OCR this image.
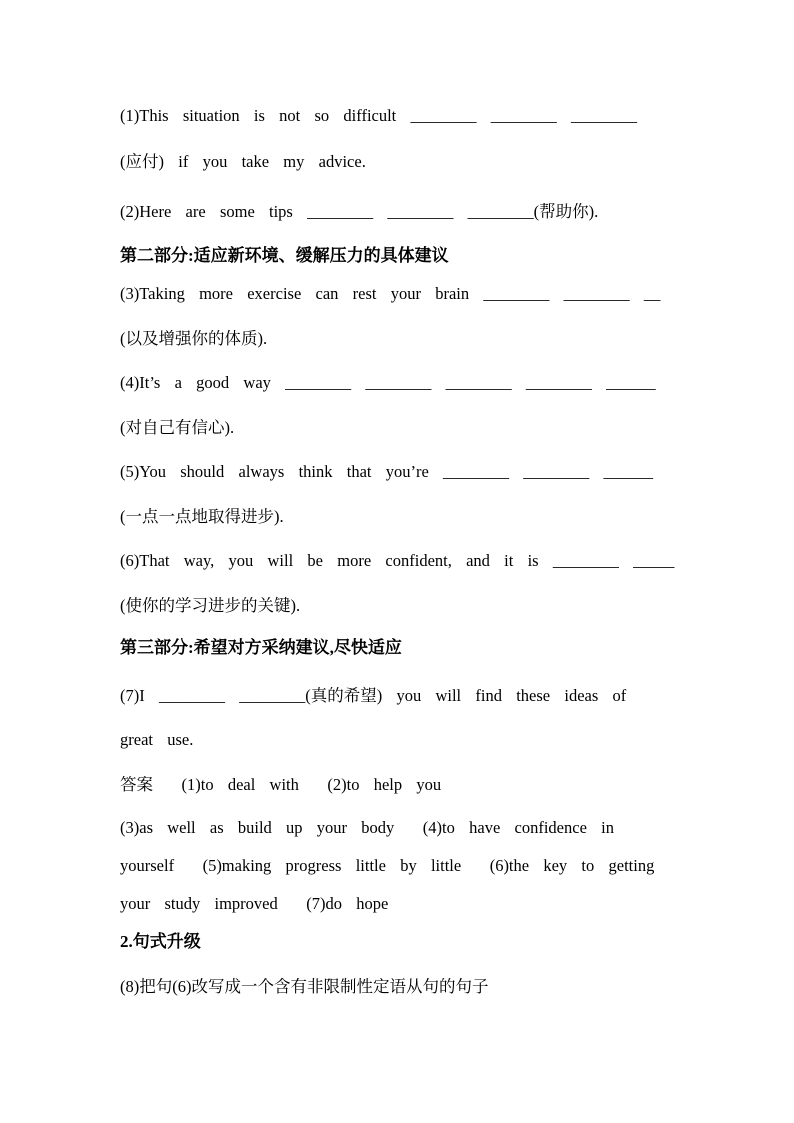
(1)This  situation  is  not  so  difficult  ________  ________  ________
(应付)  if  you  take  my  advice.
(2)Here  are  some  tips  ________  ________  ________(帮助你).
第二部分:适应新环境、缓解压力的具体建议
(3)Taking  more  exercise  can  rest  your  brain  ________  ________  __
(以及增强你的体质).
(4)It’s  a  good  way  ________  ________  ________  ________  ______
(对自己有信心).
(5)You  should  always  think  that  you’re  ________  ________  ______
(一点一点地取得进步).
(6)That  way,  you  will  be  more  confident,  and  it  is  ________  _____
(使你的学习进步的关键).
第三部分:希望对方采纳建议,尽快适应
(7)I  ________  ________(真的希望)  you  will  find  these  ideas  of
great  use.
答案    (1)to  deal  with    (2)to  help  you
(3)as  well  as  build  up  your  body    (4)to  have  confidence  in
yourself    (5)making  progress  little  by  little    (6)the  key  to  getting
your  study  improved    (7)do  hope
2.句式升级
(8)把句(6)改写成一个含有非限制性定语从句的句子
